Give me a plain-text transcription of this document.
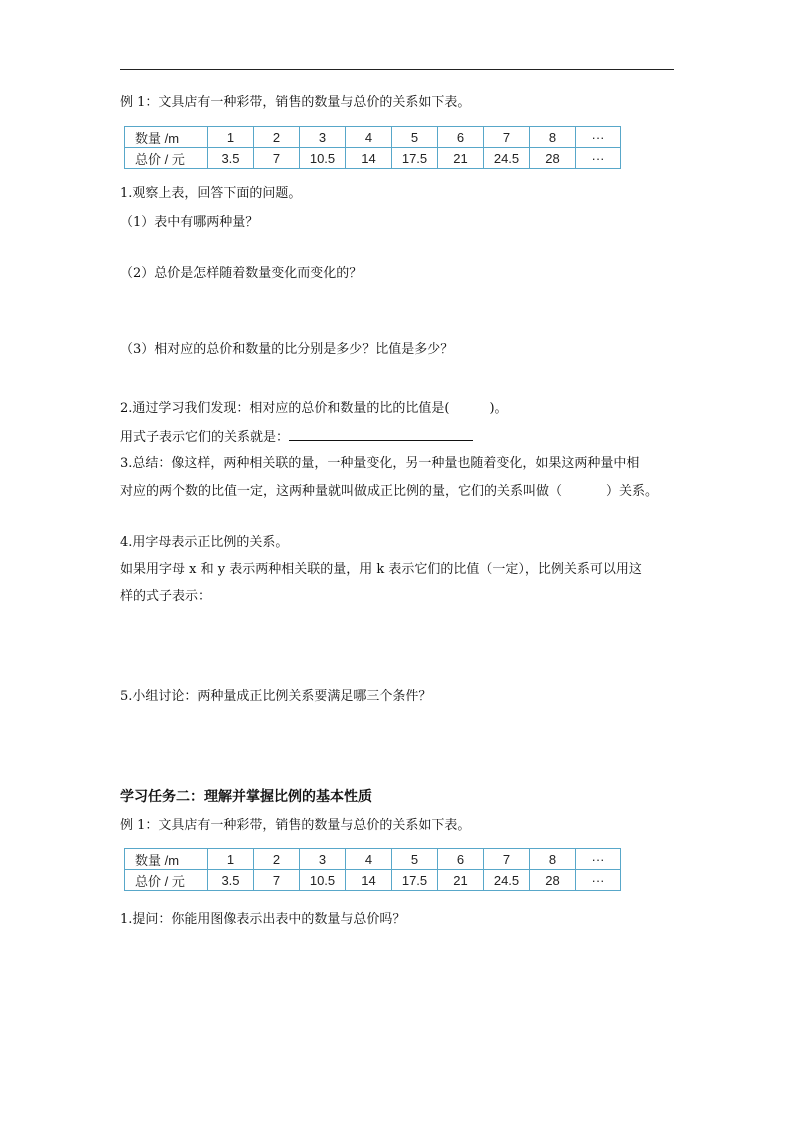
例 1：文具店有一种彩带，销售的数量与总价的关系如下表。
数量 /m	1	2	3	4	5	6	7	8	···
总价 / 元	3.5	7	10.5	14	17.5	21	24.5	28	···
1.观察上表，回答下面的问题。
（1）表中有哪两种量？
（2）总价是怎样随着数量变化而变化的？
（3）相对应的总价和数量的比分别是多少？比值是多少？
2.通过学习我们发现：相对应的总价和数量的比的比值是(	)。
用式子表示它们的关系就是：
3.总结：像这样，两种相关联的量，一种量变化，另一种量也随着变化，如果这两种量中相
对应的两个数的比值一定，这两种量就叫做成正比例的量，它们的关系叫做（	）关系。
4.用字母表示正比例的关系。
如果用字母 x 和 y 表示两种相关联的量，用 k 表示它们的比值（一定），比例关系可以用这
样的式子表示：
5.小组讨论：两种量成正比例关系要满足哪三个条件？
学习任务二：理解并掌握比例的基本性质
例 1：文具店有一种彩带，销售的数量与总价的关系如下表。
数量 /m	1	2	3	4	5	6	7	8	···
总价 / 元	3.5	7	10.5	14	17.5	21	24.5	28	···
1.提问：你能用图像表示出表中的数量与总价吗？
